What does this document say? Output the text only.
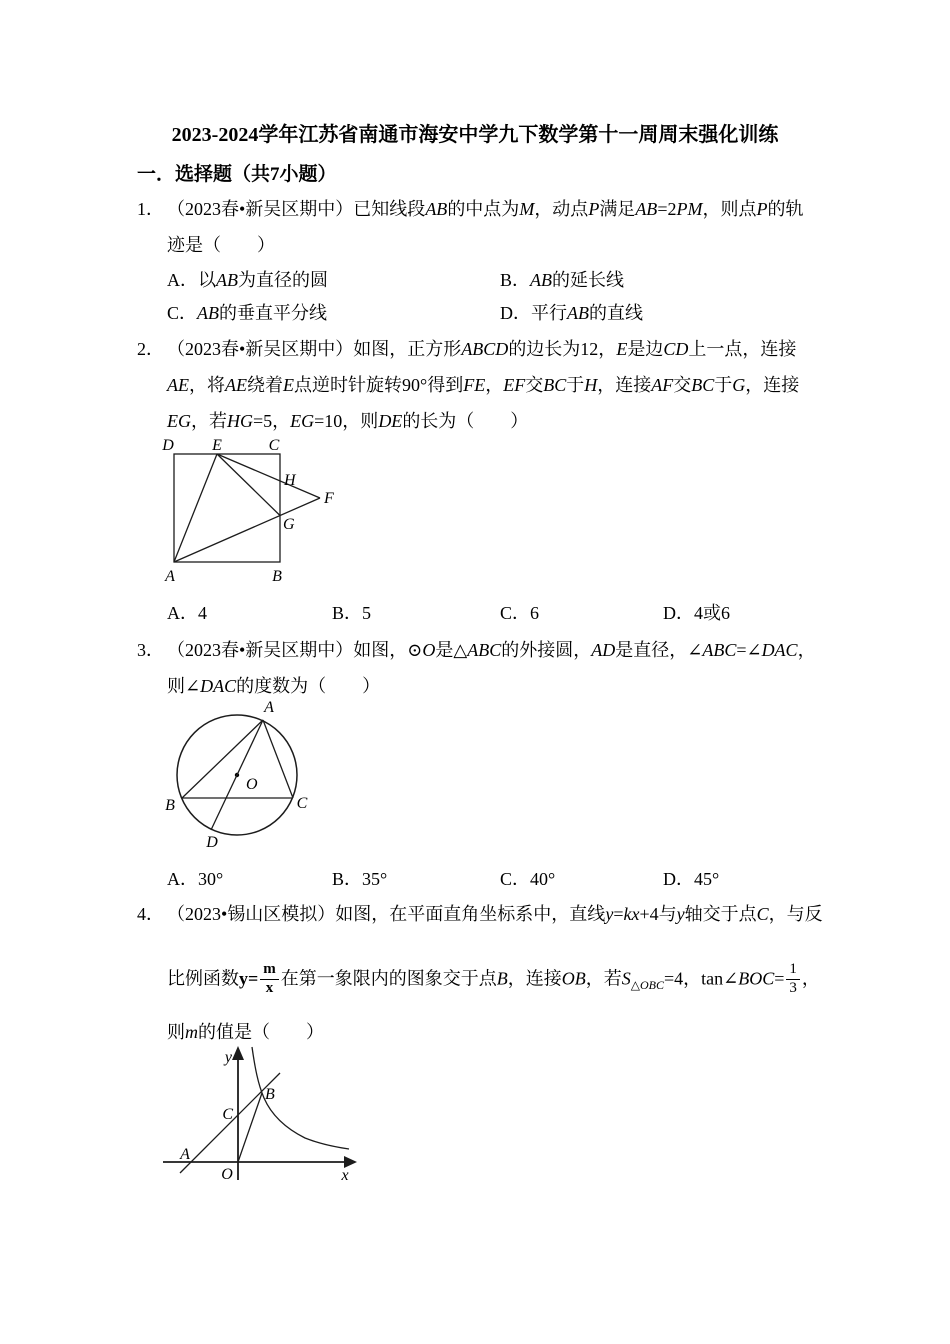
2023-2024学年江苏省南通市海安中学九下数学第十一周周末强化训练
一．选择题（共7小题）
1． （2023春•新吴区期中）已知线段AB的中点为M，动点P满足AB=2PM，则点P的轨
迹是（　　）
A．以AB为直径的圆	B．AB的延长线
C．AB的垂直平分线	D．平行AB的直线
2． （2023春•新吴区期中）如图，正方形ABCD的边长为12，E是边CD上一点，连接
AE，将AE绕着E点逆时针旋转90°得到FE，EF交BC于H，连接AF交BC于G，连接
EG，若HG=5，EG=10，则DE的长为（　　）
D E	C
H
F
G
A	B
A．4	B．5	C．6	D．4或6
3． （2023春•新吴区期中）如图，⊙O是△ABC的外接圆，AD是直径，∠ABC=∠DAC，
则∠DAC的度数为（　　）
A
B	C
D
O
A．30°	B．35°	C．40°	D．45°
4． （2023•锡山区模拟）如图，在平面直角坐标系中，直线y=kx+4与y轴交于点C，与反
比例函数$y= \frac{m}{x}$ 在第一象限内的图象交于点B，连接OB，若$S_{\triangle OBC}=4$，tan∠BOC= $\frac{1}{3}$ ，
则m的值是（　　）
y
x
O
A
B
C
